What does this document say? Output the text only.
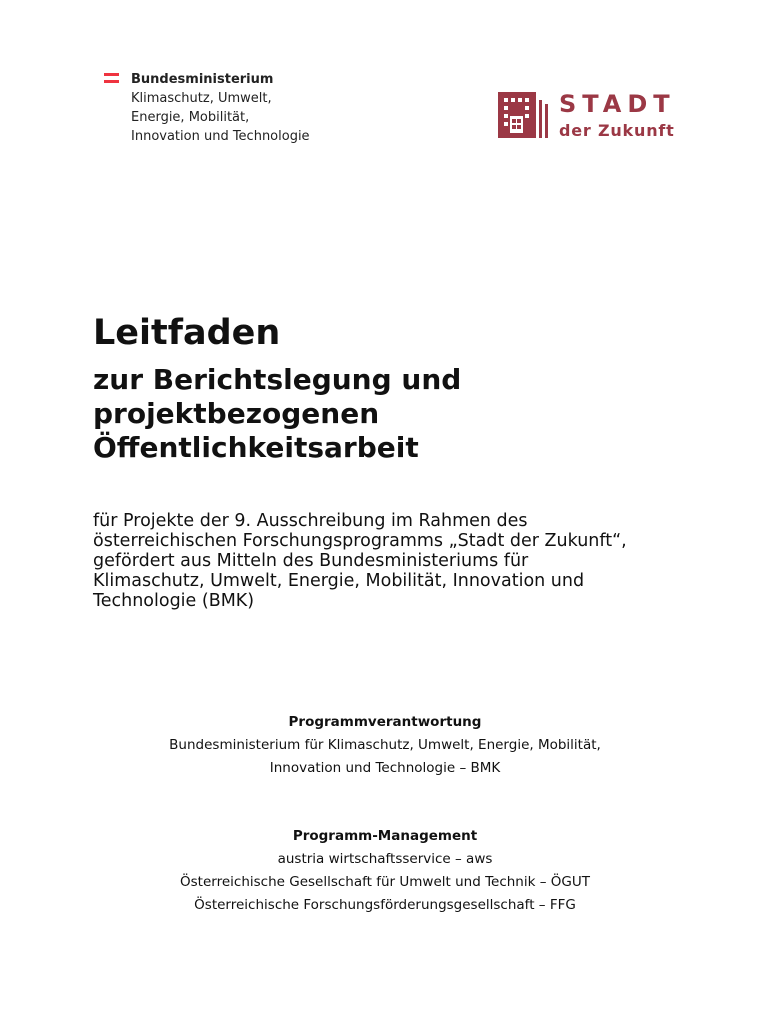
Bundesministerium
Klimaschutz, Umwelt,
Energie, Mobilität,
Innovation und Technologie
STADT
der Zukunft
Leitfaden
zur Berichtslegung und
projektbezogenen
Öffentlichkeitsarbeit

für Projekte der 9. Ausschreibung im Rahmen des
österreichischen Forschungsprogramms „Stadt der Zukunft“,
gefördert aus Mitteln des Bundesministeriums für
Klimaschutz, Umwelt, Energie, Mobilität, Innovation und
Technologie (BMK)

Programmverantwortung

Bundesministerium für Klimaschutz, Umwelt, Energie, Mobilität,

Innovation und Technologie – BMK

Programm-Management

austria wirtschaftsservice – aws

Österreichische Gesellschaft für Umwelt und Technik – ÖGUT

Österreichische Forschungsförderungsgesellschaft – FFG
